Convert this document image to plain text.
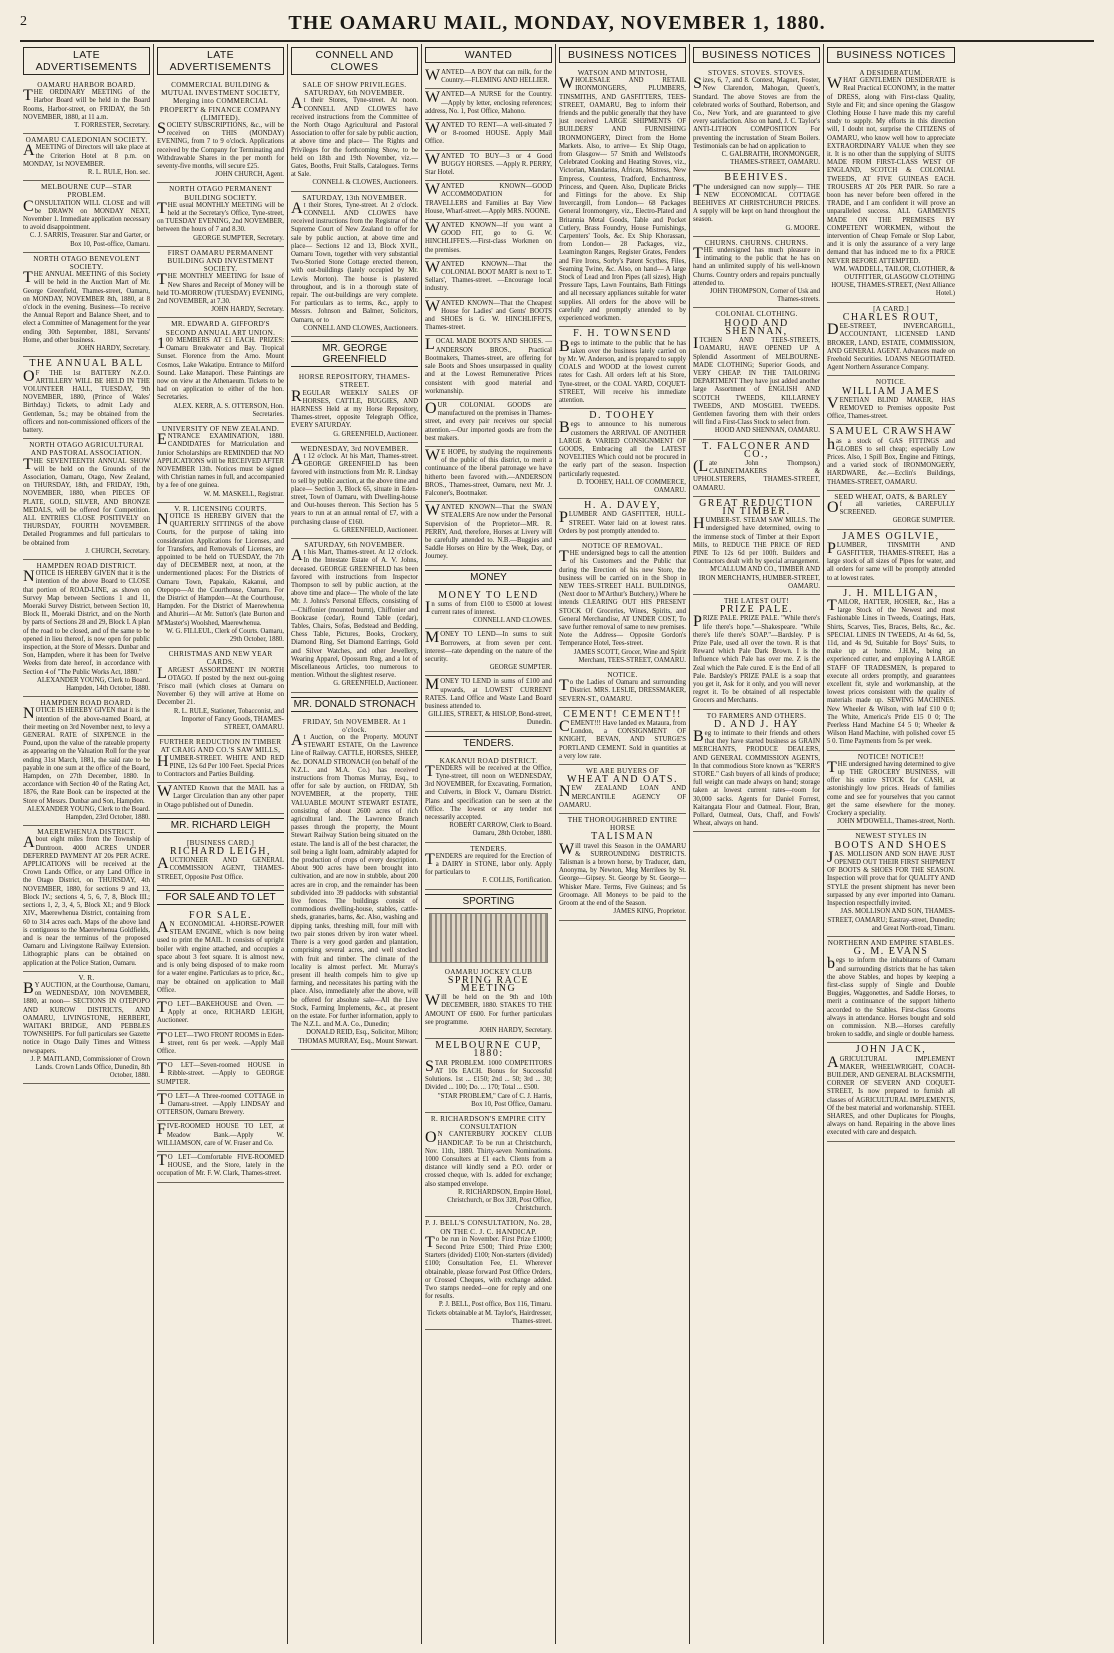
2	THE OAMARU MAIL, MONDAY, NOVEMBER 1, 1880.
LATE ADVERTISEMENTS

OAMARU HARBOR BOARD.

THE ORDINARY MEETING of the Harbor Board will be held in the Board Rooms, Harbor-street, on FRIDAY, the 5th NOVEMBER, 1880, at 11 a.m.

T. FORRESTER, Secretary.

OAMARU CALEDONIAN SOCIETY.

AMEETING of Directors will take place at the Criterion Hotel at 8 p.m. on MONDAY, 1st NOVEMBER.

R. L. RULE, Hon. sec.

MELBOURNE CUP—STAR PROBLEM.

CONSULTATION WILL CLOSE and will be DRAWN on MONDAY NEXT, November 1. Immediate application necessary to avoid disappointment.

C. J. SARRIS, Treasurer. Star and Garter, or Box 10, Post-office, Oamaru.

NORTH OTAGO BENEVOLENT SOCIETY.

THE ANNUAL MEETING of this Society will be held in the Auction Mart of Mr. George Greenfield, Thames-street, Oamaru, on MONDAY, NOVEMBER 8th, 1880, at 8 o'clock in the evening. Business—To receive the Annual Report and Balance Sheet, and to elect a Committee of Management for the year ending 30th September, 1881, Servants' Home, and other business.

JOHN HARDY, Secretary.

THE ANNUAL BALL

OF THE 1st BATTERY N.Z.O. ARTILLERY WILL BE HELD IN THE VOLUNTEER HALL, TUESDAY, 9th NOVEMBER, 1880, (Prince of Wales' Birthday.) Tickets, to admit Lady and Gentleman, 5s.; may be obtained from the officers and non-commissioned officers of the battery.

NORTH OTAGO AGRICULTURAL AND PASTORAL ASSOCIATION.

THE SEVENTEENTH ANNUAL SHOW will be held on the Grounds of the Association, Oamaru, Otago, New Zealand, on THURSDAY, 18th, and FRIDAY, 19th, NOVEMBER, 1880, when PIECES OF PLATE, GOLD, SILVER, AND BRONZE MEDALS, will be offered for Competition. ALL ENTRIES CLOSE POSITIVELY on THURSDAY, FOURTH NOVEMBER. Detailed Programmes and full particulars to be obtained from

J. CHURCH, Secretary.

HAMPDEN ROAD DISTRICT.

NOTICE IS HEREBY GIVEN that it is the intention of the above Board to CLOSE that portion of ROAD-LINE, as shown on Survey Map between Sections 1 and 11, Moeraki Survey District, between Section 10, Block II., Moeraki District, and on the North by parts of Sections 28 and 29, Block I. A plan of the road to be closed, and of the same to be opened in lieu thereof, is now open for public inspection, at the Store of Messrs. Dunbar and Son, Hampden, where it has been for Twelve Weeks from date hereof, in accordance with Section 4 of "The Public Works Act, 1880."

ALEXANDER YOUNG, Clerk to Board. Hampden, 14th October, 1880.

HAMPDEN ROAD BOARD.

NOTICE IS HEREBY GIVEN that it is the intention of the above-named Board, at their meeting on 3rd November next, to levy a GENERAL RATE of SIXPENCE in the Pound, upon the value of the rateable property as appearing on the Valuation Roll for the year ending 31st March, 1881, the said rate to be payable in one sum at the office of the Board, Hampden, on 27th December, 1880. In accordance with Section 40 of the Rating Act, 1876, the Rate Book can be inspected at the Store of Messrs. Dunbar and Son, Hampden.

ALEXANDER YOUNG, Clerk to the Board. Hampden, 23rd October, 1880.

MAEREWHENUA DISTRICT.

About eight miles from the Township of Duntroon. 4000 ACRES UNDER DEFERRED PAYMENT AT 20s PER ACRE. APPLICATIONS will be received at the Crown Lands Office, or any Land Office in the Otago District, on THURSDAY, 4th NOVEMBER, 1880, for sections 9 and 13, Block IV.; sections 4, 5, 6, 7, 8, Block III.; sections 1, 2, 3, 4, 5, Block XI.; and 9 Block XIV., Maerewhenua District, containing from 60 to 314 acres each. Maps of the above land is contiguous to the Maerewhenua Goldfields, and is near the terminus of the proposed Oamaru and Livingstone Railway Extension. Lithographic plans can be obtained on application at the Police Station, Oamaru.

V. R.

BY AUCTION, at the Courthouse, Oamaru, on WEDNESDAY, 10th NOVEMBER, 1880, at noon— SECTIONS IN OTEPOPO AND KUROW DISTRICTS, AND OAMARU, LIVINGSTONE, HERBERT, WAITAKI BRIDGE, AND PEBBLES TOWNSHIPS. For full particulars see Gazette notice in Otago Daily Times and Witness newspapers.

J. P. MAITLAND, Commissioner of Crown Lands. Crown Lands Office, Dunedin, 8th October, 1880.

LATE ADVERTISEMENTS

COMMERCIAL BUILDING & MUTUAL INVESTMENT SOCIETY, Merging into COMMERCIAL PROPERTY & FINANCE COMPANY (LIMITED).

SOCIETY SUBSCRIPTIONS, &c., will be received on THIS (MONDAY) EVENING, from 7 to 9 o'clock. Applications received by the Company for Terminating and Withdrawable Shares in the per month for seventy-five months, will secure £25.

JOHN CHURCH, Agent.

NORTH OTAGO PERMANENT BUILDING SOCIETY.

THE usual MONTHLY MEETING will be held at the Secretary's Office, Tyne-street, on TUESDAY EVENING, 2nd NOVEMBER, between the hours of 7 and 8.30.

GEORGE SUMPTER, Secretary.

FIRST OAMARU PERMANENT BUILDING AND INVESTMENT SOCIETY.

THE MONTHLY MEETING for Issue of New Shares and Receipt of Money will be held TO-MORROW (TUESDAY) EVENING, 2nd NOVEMBER, at 7.30.

JOHN HARDY, Secretary.

MR. EDWARD A. GIFFORD'S SECOND ANNUAL ART UNION.

100 MEMBERS AT £1 EACH. PRIZES: Oamaru Breakwater and Bay. Tropical Sunset. Florence from the Arno. Mount Cosmos, Lake Wakatipu. Entrance to Milford Sound. Lake Manapori. These Paintings are now on view at the Athenaeum. Tickets to be had on application to either of the hon. Secretaries.

ALEX. KERR, A. S. OTTERSON, Hon. Secretaries.

UNIVERSITY OF NEW ZEALAND.

ENTRANCE EXAMINATION, 1880. CANDIDATES for Matriculation and Junior Scholarships are REMINDED that NO APPLICATIONS will be RECEIVED AFTER NOVEMBER 13th. Notices must be signed with Christian names in full, and accompanied by a fee of one guinea.

W. M. MASKELL, Registrar.

V. R. LICENSING COURTS.

NOTICE IS HEREBY GIVEN that the QUARTERLY SITTINGS of the above Courts, for the purpose of taking into consideration Applications for Licenses, and for Transfers, and Removals of Licenses, are appointed to be held on TUESDAY, the 7th day of DECEMBER next, at noon, at the undermentioned places: For the Districts of Oamaru Town, Papakaio, Kakanui, and Otepopo—At the Courthouse, Oamaru. For the District of Hampden—At the Courthouse, Hampden. For the District of Maerewhenua and Ahuriri—At Mr. Sutton's (late Burton and M'Master's) Woolshed, Maerewhenua.

W. G. FILLEUL, Clerk of Courts. Oamaru, 29th October, 1880.

CHRISTMAS AND NEW YEAR CARDS.

LARGEST ASSORTMENT IN NORTH OTAGO. If posted by the next out-going 'Frisco mail (which closes at Oamaru on November 6) they will arrive at Home on December 21.

R. L. RULE, Stationer, Tobacconist, and Importer of Fancy Goods, THAMES-STREET, OAMARU.

FURTHER REDUCTION IN TIMBER AT CRAIG AND CO.'S SAW MILLS,

HUMBER-STREET. WHITE AND RED PINE, 12s 6d Per 100 Feet. Special Prices to Contractors and Parties Building.

WANTED Known that the MAIL has a Larger Circulation than any other paper in Otago published out of Dunedin.

MR. RICHARD LEIGH

[BUSINESS CARD.]

RICHARD LEIGH,

AUCTIONEER AND GENERAL COMMISSION AGENT, THAMES-STREET, Opposite Post Office.

FOR SALE AND TO LET

FOR SALE.

AN ECONOMICAL 4-HORSE-POWER STEAM ENGINE, which is now being used to print the MAIL. It consists of upright boiler with engine attached, and occupies a space about 3 feet square. It is almost new, and is only being disposed of to make room for a water engine. Particulars as to price, &c., may be obtained on application to Mail Office.

TO LET—BAKEHOUSE and Oven. —Apply at once, RICHARD LEIGH, Auctioneer.

TO LET—TWO FRONT ROOMS in Eden-street, rent 6s per week. —Apply Mail Office.

TO LET—Seven-roomed HOUSE in Ribble-street. —Apply to GEORGE SUMPTER.

TO LET—A Three-roomed COTTAGE in Oamaru-street. —Apply LINDSAY and OTTERSON, Oamaru Brewery.

FIVE-ROOMED HOUSE TO LET, at Meadow Bank.—Apply W. WILLIAMSON, care of W. Fraser and Co.

TO LET—Comfortable FIVE-ROOMED HOUSE, and the Store, lately in the occupation of Mr. F. W. Clark, Thames-street.

CONNELL AND CLOWES

SALE OF SHOW PRIVILEGES. SATURDAY, 6th NOVEMBER.

At their Stores, Tyne-street. At noon. CONNELL AND CLOWES have received instructions from the Committee of the North Otago Agricultural and Pastoral Association to offer for sale by public auction, at above time and place— The Rights and Privileges for the forthcoming Show, to be held on 18th and 19th November, viz.— Gates, Booths, Fruit Stalls, Catalogues. Terms at Sale.

CONNELL & CLOWES, Auctioneers.

SATURDAY, 13th NOVEMBER.

At their Stores, Tyne-street. At 2 o'clock. CONNELL AND CLOWES have received instructions from the Registrar of the Supreme Court of New Zealand to offer for sale by public auction, at above time and place— Sections 12 and 13, Block XVII., Oamaru Town, together with very substantial Two-Storied Stone Cottage erected thereon, with out-buildings (lately occupied by Mr. Lewis Morton). The house is plastered throughout, and is in a thorough state of repair. The out-buildings are very complete. For particulars as to terms, &c., apply to Messrs. Johnson and Balmer, Solicitors, Oamaru, or to

CONNELL AND CLOWES, Auctioneers.

MR. GEORGE GREENFIELD

HORSE REPOSITORY, THAMES-STREET.

REGULAR WEEKLY SALES OF HORSES, CATTLE, BUGGIES, AND HARNESS Held at my Horse Repository, Thames-street, opposite Telegraph Office, EVERY SATURDAY.

G. GREENFIELD, Auctioneer.

WEDNESDAY, 3rd NOVEMBER.

At 12 o'clock. At his Mart, Thames-street. GEORGE GREENFIELD has been favored with instructions from Mr. R. Lindsay to sell by public auction, at the above time and place— Section 3, Block 65, situate in Eden-street, Town of Oamaru, with Dwelling-house and Out-houses thereon. This Section has 5 years to run at an annual rental of £7, with a purchasing clause of £160.

G. GREENFIELD, Auctioneer.

SATURDAY, 6th NOVEMBER.

At his Mart, Thames-street. At 12 o'clock. In the Intestate Estate of A. V. Johns, deceased. GEORGE GREENFIELD has been favored with instructions from Inspector Thompson to sell by public auction, at the above time and place— The whole of the late Mr. J. Johns's Personal Effects, consisting of—Chiffonier (mounted burnt), Chiffonier and Bookcase (cedar), Round Table (cedar), Tables, Chairs, Sofas, Bedstead and Bedding, Chess Table, Pictures, Books, Crockery, Diamond Ring, Set Diamond Earrings, Gold and Silver Watches, and other Jewellery, Wearing Apparel, Opossum Rug, and a lot of Miscellaneous Articles, too numerous to mention. Without the slightest reserve.

G. GREENFIELD, Auctioneer.

MR. DONALD STRONACH

FRIDAY, 5th NOVEMBER. At 1 o'clock.

At Auction, on the Property. MOUNT STEWART ESTATE, On the Lawrence Line of Railway. CATTLE, HORSES, SHEEP, &c. DONALD STRONACH (on behalf of the N.Z.L. and M.A. Co.) has received instructions from Thomas Murray, Esq., to offer for sale by auction, on FRIDAY, 5th NOVEMBER, at the property, THE VALUABLE MOUNT STEWART ESTATE, consisting of about 2600 acres of rich agricultural land. The Lawrence Branch passes through the property, the Mount Stewart Railway Station being situated on the estate. The land is all of the best character, the soil being a light loam, admirably adapted for the production of crops of every description. About 900 acres have been brought into cultivation, and are now in stubble, about 200 acres are in crop, and the remainder has been subdivided into 39 paddocks with substantial live fences. The buildings consist of commodious dwelling-house, stables, cattle-sheds, granaries, barns, &c. Also, washing and dipping tanks, threshing mill, four mill with two pair stones driven by iron water wheel. There is a very good garden and plantation, comprising several acres, and well stocked with fruit and timber. The climate of the locality is almost perfect. Mr. Murray's present ill health compels him to give up farming, and necessitates his parting with the place. Also, immediately after the above, will be offered for absolute sale—All the Live Stock, Farming Implements, &c., at present on the estate. For further information, apply to The N.Z.L. and M.A. Co., Dunedin;

DONALD REID, Esq., Solicitor, Milton; THOMAS MURRAY, Esq., Mount Stewart.

WANTED

WANTED—A BOY that can milk, for the Country.—FLEMING AND HELLIER.

WANTED—A NURSE for the Country. —Apply by letter, enclosing references; address, No. 1, Post Office, Mahono.

WANTED TO RENT—A well-situated 7 or 8-roomed HOUSE. Apply Mail Office.

WANTED TO BUY—3 or 4 Good BUGGY HORSES. —Apply R. PERRY, Star Hotel.

WANTED KNOWN—GOOD ACCOMMODATION for TRAVELLERS and Families at Bay View House, Wharf-street.—Apply MRS. NOONE.

WANTED KNOWN—If you want a GOOD FIT, go to G. W. HINCHLIFFE'S.—First-class Workmen on the premises.

WANTED KNOWN—That the COLONIAL BOOT MART is next to T. Sellars', Thames-street. —Encourage local industry.

WANTED KNOWN—That the Cheapest House for Ladies' and Gents' BOOTS and SHOES is G. W. HINCHLIFFE'S, Thames-street.

LOCAL MADE BOOTS AND SHOES. —ANDERSON BROS., Practical Bootmakers, Thames-street, are offering for sale Boots and Shoes unsurpassed in quality and at the Lowest Remunerative Prices consistent with good material and workmanship.

OUR COLONIAL GOODS are manufactured on the premises in Thames-street, and every pair receives our special attention.—Our imported goods are from the best makers.

WE HOPE, by studying the requirements of the public of this district, to merit a continuance of the liberal patronage we have hitherto been favored with.—ANDERSON BROS., Thames-street, Oamaru, next Mr. J. Falconer's, Bootmaker.

WANTED KNOWN—That the SWAN STEALERS Are now under the Personal Supervision of the Proprietor—MR. R. PERRY, And, therefore, Horses at Livery will be carefully attended to. N.B.—Buggies and Saddle Horses on Hire by the Week, Day, or Journey.

MONEY

MONEY TO LEND

In sums of from £100 to £5000 at lowest current rates of interest.

CONNELL AND CLOWES.

MONEY TO LEND—In sums to suit Borrowers, at from seven per cent. interest—rate depending on the nature of the security.

GEORGE SUMPTER.

MONEY TO LEND in sums of £100 and upwards, at LOWEST CURRENT RATES. Land Office and Waste Land Board business attended to.

GILLIES, STREET, & HISLOP, Bond-street, Dunedin.

TENDERS.

KAKANUI ROAD DISTRICT.

TENDERS will be received at the Office, Tyne-street, till noon on WEDNESDAY, 3rd NOVEMBER, for Excavating, Formation, and Culverts, in Block V., Oamaru District. Plans and specification can be seen at the Office. The lowest or any tender not necessarily accepted.

ROBERT CARROW, Clerk to Board. Oamaru, 28th October, 1880.

TENDERS.

TENDERS are required for the Erection of a DAIRY in STONE, labor only. Apply for particulars to

F. COLLIS, Fortification.

SPORTING

OAMARU JOCKEY CLUB

SPRING RACE MEETING

Will be held on the 9th and 10th DECEMBER, 1880. STAKES TO THE AMOUNT OF £600. For further particulars see programme.

JOHN HARDY, Secretary.

MELBOURNE CUP, 1880:

STAR PROBLEM. 1000 COMPETITORS AT 10s EACH. Bonus for Successful Solutions. 1st ... £150; 2nd ... 50; 3rd ... 30; Divided ... 100; Do. ... 170; Total ... £500.

"STAR PROBLEM," Care of C. J. Harris, Box 10, Post Office, Oamaru.

R. RICHARDSON'S EMPIRE CITY CONSULTATION

ON CANTERBURY JOCKEY CLUB HANDICAP. To be run at Christchurch, Nov. 11th, 1880. Thirty-seven Nominations. 1000 Consulters at £1 each. Clients from a distance will kindly send a P.O. order or crossed cheque, with 1s. added for exchange; also stamped envelope.

R. RICHARDSON, Empire Hotel, Christchurch, or Box 328, Post Office, Christchurch.

P. J. BELL'S CONSULTATION, No. 28, ON THE C. J. C. HANDICAP.

To be run in November. First Prize £1000; Second Prize £500; Third Prize £300; Starters (divided) £100; Non-starters (divided) £100; Consultation Fee, £1. Wherever obtainable, please forward Post Office Orders, or Crossed Cheques, with exchange added. Two stamps needed—one for reply and one for results.

P. J. BELL, Post office, Box 116, Timaru. Tickets obtainable at M. Taylor's, Hairdresser, Thames-street.

BUSINESS NOTICES

WATSON AND M'INTOSH,

WHOLESALE AND RETAIL IRONMONGERS, PLUMBERS, TINSMITHS, AND GASFITTERS, TEES-STREET, OAMARU, Beg to inform their friends and the public generally that they have just received LARGE SHIPMENTS OF BUILDERS' AND FURNISHING IRONMONGERY, Direct from the Home Markets. Also, to arrive— Ex Ship Otago, from Glasgow— 57 Smith and Wellstood's Celebrated Cooking and Heating Stoves, viz., Victorian, Mandarins, African, Mistress, New Empress, Countess, Tradford, Enchantress, Princess, and Queen. Also, Duplicate Bricks and Fittings for the above. Ex Ship Invercargill, from London— 68 Packages General Ironmongery, viz., Electro-Plated and Britannia Metal Goods, Table and Pocket Cutlery, Brass Foundry, House Furnishings, Carpenters' Tools, &c. Ex Ship Khorassan, from London— 28 Packages, viz., Leamington Ranges, Register Grates, Fenders and Fire Irons, Sorby's Patent Scythes, Files, Seaming Twine, &c. Also, on hand— A large Stock of Lead and Iron Pipes (all sizes), High Pressure Taps, Lawn Fountains, Bath Fittings and all necessary appliances suitable for water supplies. All orders for the above will be carefully and promptly attended to by experienced workmen.

F. H. TOWNSEND

Begs to intimate to the public that he has taken over the business lately carried on by Mr. W. Anderson, and is prepared to supply COALS and WOOD at the lowest current rates for Cash. All orders left at his Store, Tyne-street, or the COAL YARD, COQUET-STREET, Will receive his immediate attention.

D. TOOHEY

Begs to announce to his numerous customers the ARRIVAL OF ANOTHER LARGE & VARIED CONSIGNMENT OF GOODS, Embracing all the LATEST NOVELTIES Which could not be procured in the early part of the season. Inspection particularly requested.

D. TOOHEY, HALL OF COMMERCE, OAMARU.

H. A. DAVEY,

PLUMBER AND GASFITTER, HULL-STREET. Water laid on at lowest rates. Orders by post promptly attended to.

NOTICE OF REMOVAL.

THE undersigned begs to call the attention of his Customers and the Public that during the Erection of his new Store, the business will be carried on in the Shop in NEW TEES-STREET HALL BUILDINGS, (Next door to M'Arthur's Butchery,) Where he intends CLEARING OUT HIS PRESENT STOCK Of Groceries, Wines, Spirits, and General Merchandise, AT UNDER COST, To save further removal of same to new premises. Note the Address— Opposite Gordon's Temperance Hotel, Tees-street.

JAMES SCOTT, Grocer, Wine and Spirit Merchant, TEES-STREET, OAMARU.

NOTICE.

To the Ladies of Oamaru and surrounding District. MRS. LESLIE, DRESSMAKER, SEVERN-ST., OAMARU.

CEMENT! CEMENT!!

CEMENT!!! Have landed ex Mataura, from London, a CONSIGNMENT OF KNIGHT, BEVAN, AND STURGE'S PORTLAND CEMENT. Sold in quantities at a very low rate.

WE ARE BUYERS OF

WHEAT AND OATS.

NEW ZEALAND LOAN AND MERCANTILE AGENCY OF OAMARU.

THE THOROUGHBRED ENTIRE HORSE

TALISMAN

Will travel this Season in the OAMARU & SURROUNDING DISTRICTS. Talisman is a brown horse, by Traducer, dam, Anonyma, by Newton, Meg Merrilees by St. George—Gipsey. St. George by St. George—Whisker Mare. Terms, Five Guineas; and 5s Groomage. All Moneys to be paid to the Groom at the end of the Season.

JAMES KING, Proprietor.

BUSINESS NOTICES

STOVES. STOVES. STOVES.

Sizes, 6, 7, and 8. Contest, Magnet, Foster, New Clarendon, Mahogan, Queen's, Standard. The above Stoves are from the celebrated works of Southard, Robertson, and Co., New York, and are guaranteed to give every satisfaction. Also on hand, J. C. Taylor's ANTI-LITHON COMPOSITION For preventing the incrustation of Steam Boilers. Testimonials can be had on application to

C. GALBRAITH, IRONMONGER, THAMES-STREET, OAMARU.

BEEHIVES.

The undersigned can now supply— THE NEW ECONOMICAL COTTAGE BEEHIVES AT CHRISTCHURCH PRICES. A supply will be kept on hand throughout the season.

G. MOORE.

CHURNS. CHURNS. CHURNS.

THE undersigned has much pleasure in intimating to the public that he has on hand an unlimited supply of his well-known Churns. Country orders and repairs punctually attended to.

JOHN THOMPSON, Corner of Usk and Thames-streets.

COLONIAL CLOTHING.

HOOD AND SHENNAN,

ITCHEN AND TEES-STREETS, OAMARU, HAVE OPENED UP A Splendid Assortment of MELBOURNE-MADE CLOTHING; Superior Goods, and VERY CHEAP. IN THE TAILORING DEPARTMENT They have just added another large Assortment of ENGLISH AND SCOTCH TWEEDS, KILLARNEY TWEEDS, AND MOSGIEL TWEEDS. Gentlemen favoring them with their orders will find a First-Class Stock to select from.

HOOD AND SHENNAN, OAMARU.

T. FALCONER AND CO.,

(Late John Thompson,) CABINETMAKERS & UPHOLSTERERS, THAMES-STREET, OAMARU.

GREAT REDUCTION IN TIMBER.

HUMBER-ST. STEAM SAW MILLS. The undersigned have determined, owing to the immense stock of Timber at their Export Mills, to REDUCE THE PRICE OF RED PINE To 12s 6d per 100ft. Builders and Contractors dealt with by special arrangement.

M'CALLUM AND CO., TIMBER AND IRON MERCHANTS, HUMBER-STREET, OAMARU.

THE LATEST OUT!

PRIZE PALE.

PRIZE PALE. PRIZE PALE. "While there's life there's hope."—Shakespeare. "While there's life there's SOAP."—Bardsley. P is Prize Pale, used all over the town. R is that Reward which Pale Dark Brown. I is the Influence which Pale has over me. Z is the Zeal which the Pale cured. E is the End of all Pale. Bardsley's PRIZE PALE is a soap that you get it, Ask for it only, and you will never regret it. To be obtained of all respectable Grocers and Merchants.

TO FARMERS AND OTHERS.

D. AND J. HAY

Beg to intimate to their friends and others that they have started business as GRAIN MERCHANTS, PRODUCE DEALERS, AND GENERAL COMMISSION AGENTS, In that commodious Store known as "KERR'S STORE." Cash buyers of all kinds of produce; full weight can made always on hand; storage taken at lowest current rates—room for 30,000 sacks. Agents for Daniel Forrest, Kaitangata Flour and Oatmeal. Flour, Bran, Pollard, Oatmeal, Oats, Chaff, and Fowls' Wheat, always on hand.

BUSINESS NOTICES

A DESIDERATUM.

WHAT GENTLEMEN DESIDERATE is Real Practical ECONOMY, in the matter of DRESS, along with First-class Quality, Style and Fit; and since opening the Glasgow Clothing House I have made this my careful study to supply. My efforts in this direction will, I doubt not, surprise the CITIZENS of OAMARU, who know well how to appreciate EXTRAORDINARY VALUE when they see it. It is no other than the supplying of SUITS MADE FROM FIRST-CLASS WEST OF ENGLAND, SCOTCH & COLONIAL TWEEDS, AT FIVE GUINEAS EACH. TROUSERS AT 20s PER PAIR. So rare a boon has never before been offered in the TRADE, and I am confident it will prove an unparalleled success. ALL GARMENTS MADE ON THE PREMISES BY COMPETENT WORKMEN, without the intervention of Cheap Female or Slop Labor, and it is only the assurance of a very large demand that has induced me to fix a PRICE NEVER BEFORE ATTEMPTED.

WM. WADDELL, TAILOR, CLOTHIER, & OUTFITTER, GLASGOW CLOTHING HOUSE, THAMES-STREET, (Next Alliance Hotel.)

[A CARD.]

CHARLES ROUT,

DEE-STREET, INVERCARGILL, ACCOUNTANT, LICENSED LAND BROKER, LAND, ESTATE, COMMISSION, AND GENERAL AGENT. Advances made on Freehold Securities. LOANS NEGOTIATED. Agent Northern Assurance Company.

NOTICE.

WILLIAM JAMES

VENETIAN BLIND MAKER, HAS REMOVED to Premises opposite Post Office, Thames-street.

SAMUEL CRAWSHAW

has a stock of GAS FITTINGS and GLOBES to sell cheap; especially Low Prices. Also, 1 Spill Box, Engine and Fittings, and a varied stock of IRONMONGERY, HARDWARE, &c.—Ecclin's Buildings, THAMES-STREET, OAMARU.

SEED WHEAT, OATS, & BARLEY

Of all varieties, CAREFULLY SCREENED.

GEORGE SUMPTER.

JAMES OGILVIE,

PLUMBER, TINSMITH AND GASFITTER, THAMES-STREET, Has a large stock of all sizes of Pipes for water, and all orders for same will be promptly attended to at lowest rates.

J. H. MILLIGAN,

TAILOR, HATTER, HOSIER, &c., Has a large Stock of the Newest and most Fashionable Lines in Tweeds, Coatings, Hats, Shirts, Scarves, Ties, Braces, Belts, &c., &c. SPECIAL LINES IN TWEEDS, At 4s 6d, 5s, 11d, and 4s 9d, Suitable for Boys' Suits, to make up at home. J.H.M., being an experienced cutter, and employing A LARGE STAFF OF TRADESMEN, Is prepared to execute all orders promptly, and guarantees excellent fit, style and workmanship, at the lowest prices consistent with the quality of materials made up. SEWING MACHINES. New Wheeler & Wilson, with leaf £10 0 0; The White, America's Pride £15 0 0; The Peerless Hand Machine £4 5 0; Wheeler & Wilson Hand Machine, with polished cover £5 5 0. Time Payments from 5s per week.

NOTICE! NOTICE!!

THE undersigned having determined to give up THE GROCERY BUSINESS, will offer his entire STOCK for CASH, at astonishingly low prices. Heads of families come and see for yourselves that you cannot get the same elsewhere for the money. Crockery a speciality.

JOHN M'DOWELL, Thames-street, North.

NEWEST STYLES IN

BOOTS AND SHOES

JAS. MOLLISON AND SON HAVE JUST OPENED OUT THEIR FIRST SHIPMENT OF BOOTS & SHOES FOR THE SEASON. Inspection will prove that for QUALITY AND STYLE the present shipment has never been surpassed by any ever imported into Oamaru. Inspection respectfully invited.

JAS. MOLLISON AND SON, THAMES-STREET, OAMARU; Eastray-street, Dunedin; and Great North-road, Timaru.

NORTHERN AND EMPIRE STABLES.

G. M. EVANS

begs to inform the inhabitants of Oamaru and surrounding districts that he has taken the above Stables, and hopes by keeping a first-class supply of Single and Double Buggies, Waggonettes, and Saddle Horses, to merit a continuance of the support hitherto accorded to the Stables. First-class Grooms always in attendance. Horses bought and sold on commission. N.B.—Horses carefully broken to saddle, and single or double harness.

JOHN JACK,

AGRICULTURAL IMPLEMENT MAKER, WHEELWRIGHT, COACH-BUILDER, AND GENERAL BLACKSMITH, CORNER OF SEVERN AND COQUET-STREET, Is now prepared to furnish all classes of AGRICULTURAL IMPLEMENTS, Of the best material and workmanship. STEEL SHARES, and other Duplicates for Ploughs, always on hand. Repairing in the above lines executed with care and despatch.
